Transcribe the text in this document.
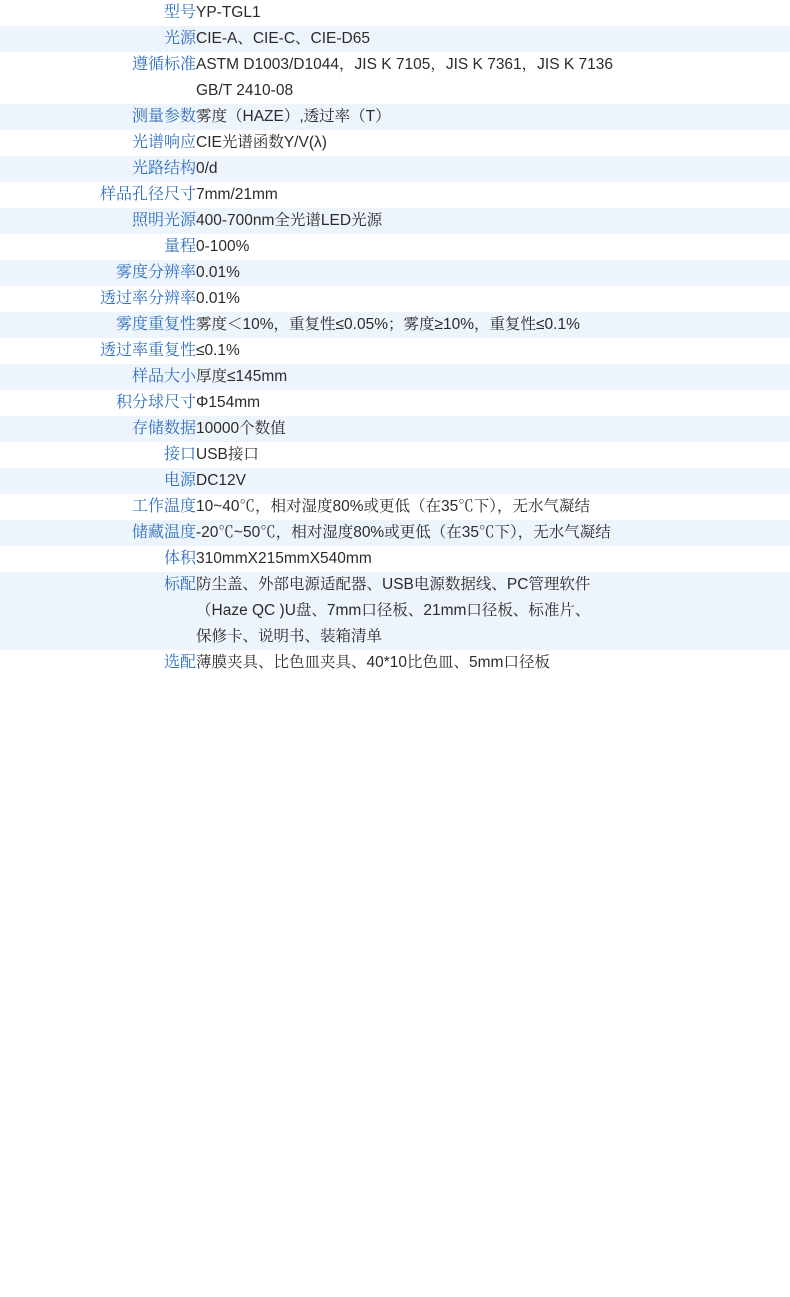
型号	YP-TGL1

光源	CIE-A、CIE-C、CIE-D65

遵循标准	ASTM D1003/D1044，JIS K 7105，JIS K 7361，JIS K 7136
GB/T 2410-08

测量参数	雾度（HAZE）,透过率（T）

光谱响应	CIE光谱函数Y/V(λ)

光路结构	0/d

样品孔径尺寸	7mm/21mm

照明光源	400-700nm全光谱LED光源

量程	0-100%

雾度分辨率	0.01%

透过率分辨率	0.01%

雾度重复性	雾度＜10%，重复性≤0.05%；雾度≥10%，重复性≤0.1%

透过率重复性	≤0.1%

样品大小	厚度≤145mm

积分球尺寸	Φ154mm

存储数据	10000个数值

接口	USB接口

电源	DC12V

工作温度	10~40℃，相对湿度80%或更低（在35℃下），无水气凝结

储藏温度	-20℃~50℃，相对湿度80%或更低（在35℃下），无水气凝结

体积	310mmX215mmX540mm

标配	防尘盖、外部电源适配器、USB电源数据线、PC管理软件
（Haze QC )U盘、7mm口径板、21mm口径板、标准片、
保修卡、说明书、装箱清单

选配	薄膜夹具、比色皿夹具、40*10比色皿、5mm口径板
